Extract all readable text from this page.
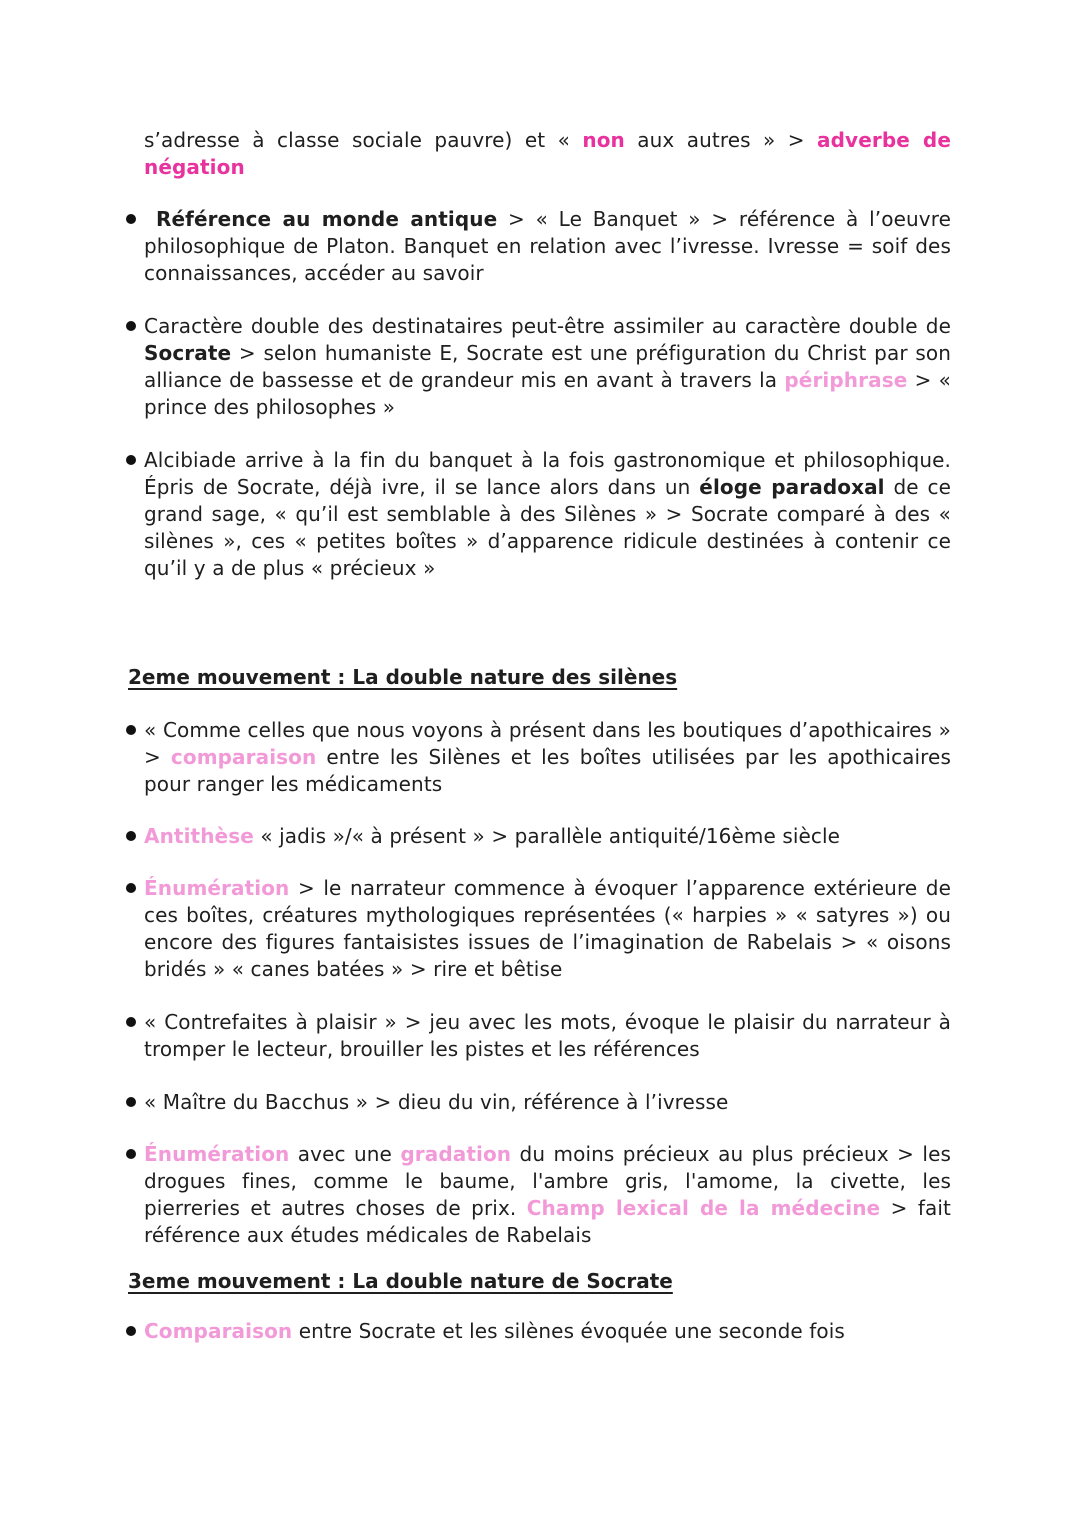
s’adresse à classe sociale pauvre) et « non aux autres » > adverbe de négation

Référence au monde antique > « Le Banquet » > référence à l’oeuvre philosophique de Platon. Banquet en relation avec l’ivresse. Ivresse = soif des connaissances, accéder au savoir

Caractère double des destinataires peut-être assimiler au caractère double de Socrate > selon humaniste E, Socrate est une préfiguration du Christ par son alliance de bassesse et de grandeur mis en avant à travers la périphrase > « prince des philosophes »

Alcibiade arrive à la fin du banquet à la fois gastronomique et philosophique. Épris de Socrate, déjà ivre, il se lance alors dans un éloge paradoxal de ce grand sage, « qu’il est semblable à des Silènes » > Socrate comparé à des « silènes », ces « petites boîtes » d’apparence ridicule destinées à contenir ce qu’il y a de plus « précieux »

2eme mouvement : La double nature des silènes

« Comme celles que nous voyons à présent dans les boutiques d’apothicaires » > comparaison entre les Silènes et les boîtes utilisées par les apothicaires pour ranger les médicaments

Antithèse « jadis »/« à présent » > parallèle antiquité/16ème siècle

Énumération > le narrateur commence à évoquer l’apparence extérieure de ces boîtes, créatures mythologiques représentées (« harpies » « satyres ») ou encore des figures fantaisistes issues de l’imagination de Rabelais > « oisons bridés » « canes batées » > rire et bêtise

« Contrefaites à plaisir » > jeu avec les mots, évoque le plaisir du narrateur à tromper le lecteur, brouiller les pistes et les références

« Maître du Bacchus » > dieu du vin, référence à l’ivresse

Énumération avec une gradation du moins précieux au plus précieux > les drogues fines, comme le baume, l'ambre gris, l'amome, la civette, les pierreries et autres choses de prix. Champ lexical de la médecine > fait référence aux études médicales de Rabelais

3eme mouvement : La double nature de Socrate

Comparaison entre Socrate et les silènes évoquée une seconde fois
